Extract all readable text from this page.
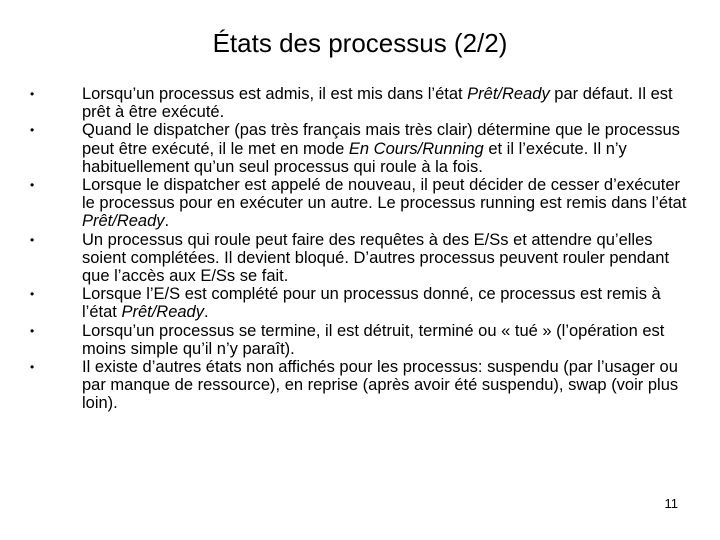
États des processus (2/2)
•	Lorsqu’un processus est admis, il est mis dans l’état Prêt/Ready par défaut. Il est prêt à être exécuté.
•	Quand le dispatcher (pas très français mais très clair) détermine que le processus peut être exécuté, il le met en mode En Cours/Running et il l’exécute. Il n’y habituellement qu’un seul processus qui roule à la fois.
•	Lorsque le dispatcher est appelé de nouveau, il peut décider de cesser d’exécuter le processus pour en exécuter un autre. Le processus running est remis dans l’état Prêt/Ready.
•	Un processus qui roule peut faire des requêtes à des E/Ss et attendre qu’elles soient complétées. Il devient bloqué. D’autres processus peuvent rouler pendant que l’accès aux E/Ss se fait.
•	Lorsque l’E/S est complété pour un processus donné, ce processus est remis à l’état Prêt/Ready.
•	Lorsqu’un processus se termine, il est détruit, terminé ou « tué » (l’opération est moins simple qu’il n’y paraît).
•	Il existe d’autres états non affichés pour les processus: suspendu (par l’usager ou par manque de ressource), en reprise (après avoir été suspendu), swap (voir plus loin).
11
